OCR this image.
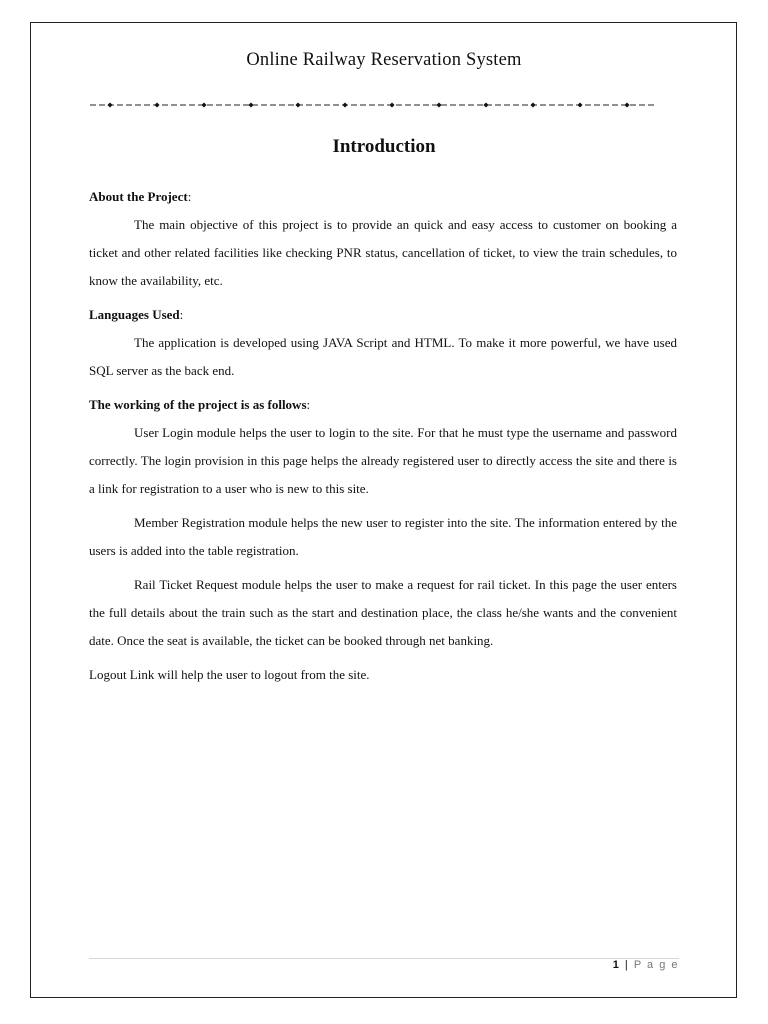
Online Railway Reservation System
Introduction

About the Project:

The main objective of this project is to provide an quick and easy access to customer on booking a ticket and other related facilities like checking PNR status, cancellation of ticket, to view the train schedules, to know the availability, etc.

Languages Used:

The application is developed using JAVA Script and HTML. To make it more powerful, we have used SQL server as the back end.

The working of the project is as follows:

User Login module helps the user to login to the site. For that he must type the username and password correctly. The login provision in this page helps the already registered user to directly access the site and there is a link for registration to a user who is new to this site.

Member Registration module helps the new user to register into the site. The information entered by the users is added into the table registration.

Rail Ticket Request module helps the user to make a request for rail ticket. In this page the user enters the full details about the train such as the start and destination place, the class he/she wants and the convenient date. Once the seat is available, the ticket can be booked through net banking.

Logout Link will help the user to logout from the site.

1 | P a g e
